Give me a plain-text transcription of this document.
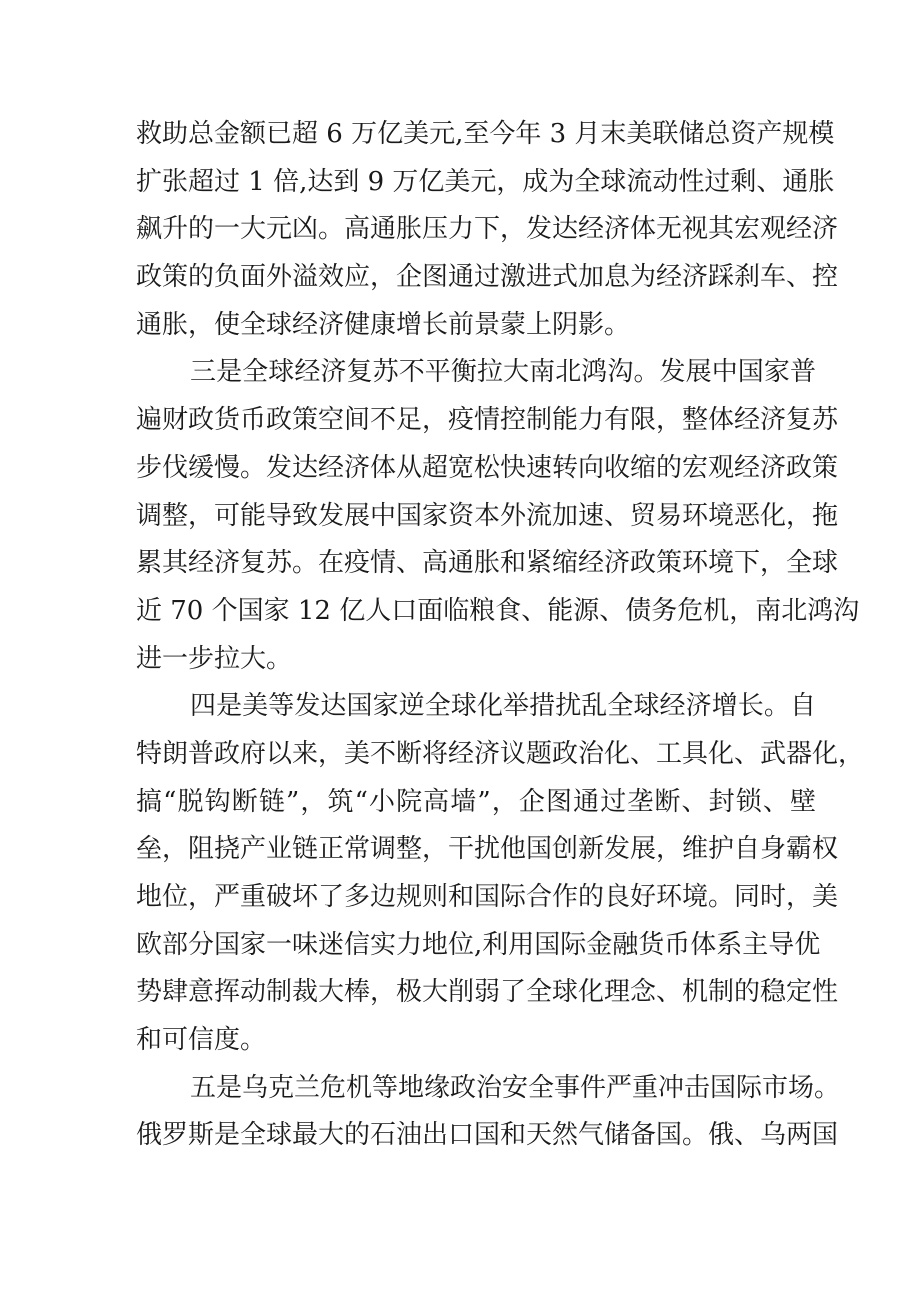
救助总金额已超 6 万亿美元,至今年 3 月末美联储总资产规模
扩张超过 1 倍,达到 9 万亿美元，成为全球流动性过剩、通胀
飙升的一大元凶。高通胀压力下，发达经济体无视其宏观经济
政策的负面外溢效应，企图通过激进式加息为经济踩刹车、控
通胀，使全球经济健康增长前景蒙上阴影。
三是全球经济复苏不平衡拉大南北鸿沟。发展中国家普
遍财政货币政策空间不足，疫情控制能力有限，整体经济复苏
步伐缓慢。发达经济体从超宽松快速转向收缩的宏观经济政策
调整，可能导致发展中国家资本外流加速、贸易环境恶化，拖
累其经济复苏。在疫情、高通胀和紧缩经济政策环境下，全球
近 70 个国家 12 亿人口面临粮食、能源、债务危机，南北鸿沟
进一步拉大。
四是美等发达国家逆全球化举措扰乱全球经济增长。自
特朗普政府以来，美不断将经济议题政治化、工具化、武器化，
搞“脱钩断链”，筑“小院高墙”，企图通过垄断、封锁、壁
垒，阻挠产业链正常调整，干扰他国创新发展，维护自身霸权
地位，严重破坏了多边规则和国际合作的良好环境。同时，美
欧部分国家一味迷信实力地位,利用国际金融货币体系主导优
势肆意挥动制裁大棒，极大削弱了全球化理念、机制的稳定性
和可信度。
五是乌克兰危机等地缘政治安全事件严重冲击国际市场。
俄罗斯是全球最大的石油出口国和天然气储备国。俄、乌两国
